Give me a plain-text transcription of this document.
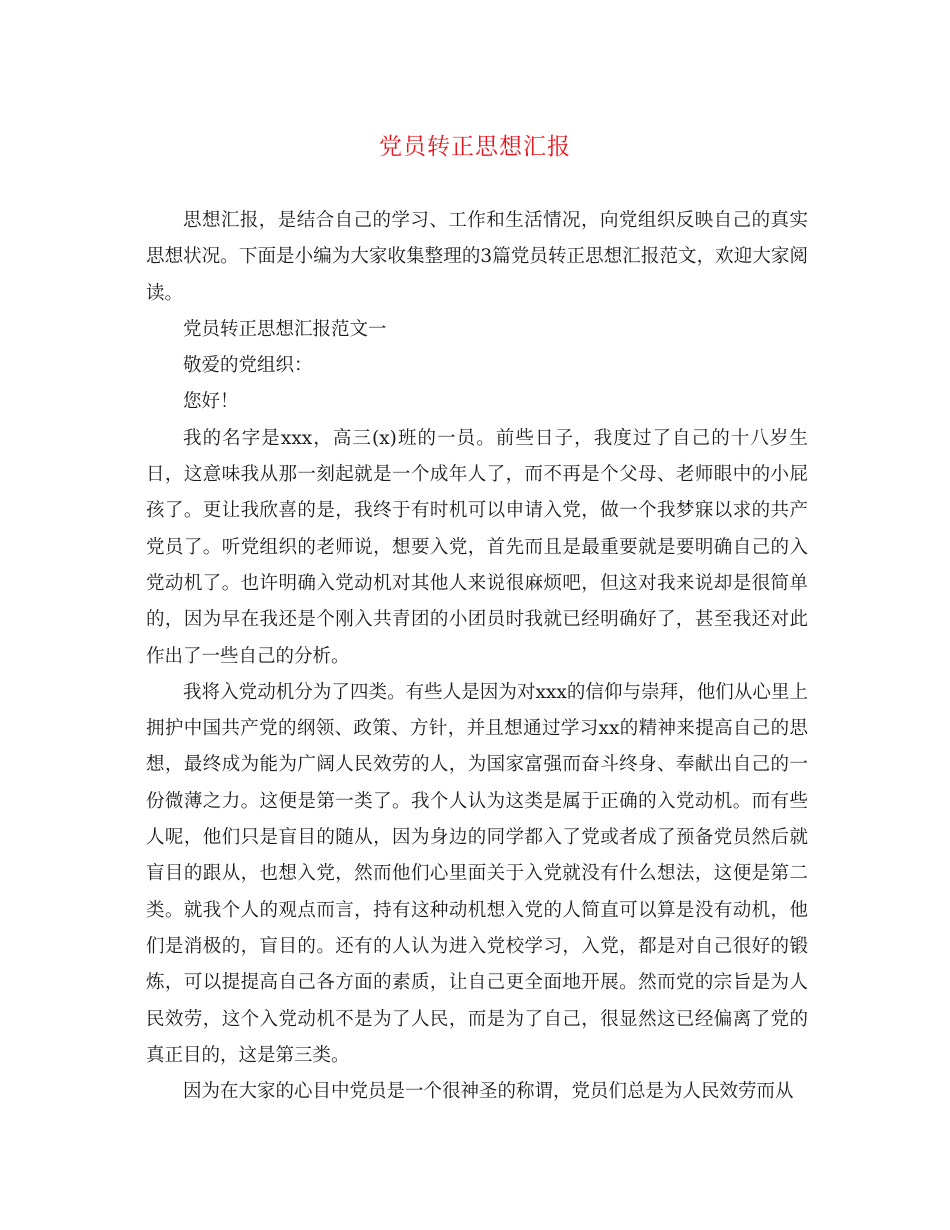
党员转正思想汇报

思想汇报，是结合自己的学习、工作和生活情况，向党组织反映自己的真实思想状况。下面是小编为大家收集整理的3篇党员转正思想汇报范文，欢迎大家阅读。

党员转正思想汇报范文一

敬爱的党组织：

您好！

我的名字是xxx，高三(x)班的一员。前些日子，我度过了自己的十八岁生日，这意味我从那一刻起就是一个成年人了，而不再是个父母、老师眼中的小屁孩了。更让我欣喜的是，我终于有时机可以申请入党，做一个我梦寐以求的共产党员了。听党组织的老师说，想要入党，首先而且是最重要就是要明确自己的入党动机了。也许明确入党动机对其他人来说很麻烦吧，但这对我来说却是很简单的，因为早在我还是个刚入共青团的小团员时我就已经明确好了，甚至我还对此作出了一些自己的分析。

我将入党动机分为了四类。有些人是因为对xxx的信仰与崇拜，他们从心里上拥护中国共产党的纲领、政策、方针，并且想通过学习xx的精神来提高自己的思想，最终成为能为广阔人民效劳的人，为国家富强而奋斗终身、奉献出自己的一份微薄之力。这便是第一类了。我个人认为这类是属于正确的入党动机。而有些人呢，他们只是盲目的随从，因为身边的同学都入了党或者成了预备党员然后就盲目的跟从，也想入党，然而他们心里面关于入党就没有什么想法，这便是第二类。就我个人的观点而言，持有这种动机想入党的人简直可以算是没有动机，他们是消极的，盲目的。还有的人认为进入党校学习，入党，都是对自己很好的锻炼，可以提提高自己各方面的素质，让自己更全面地开展。然而党的宗旨是为人民效劳，这个入党动机不是为了人民，而是为了自己，很显然这已经偏离了党的真正目的，这是第三类。

因为在大家的心目中党员是一个很神圣的称谓，党员们总是为人民效劳而从
